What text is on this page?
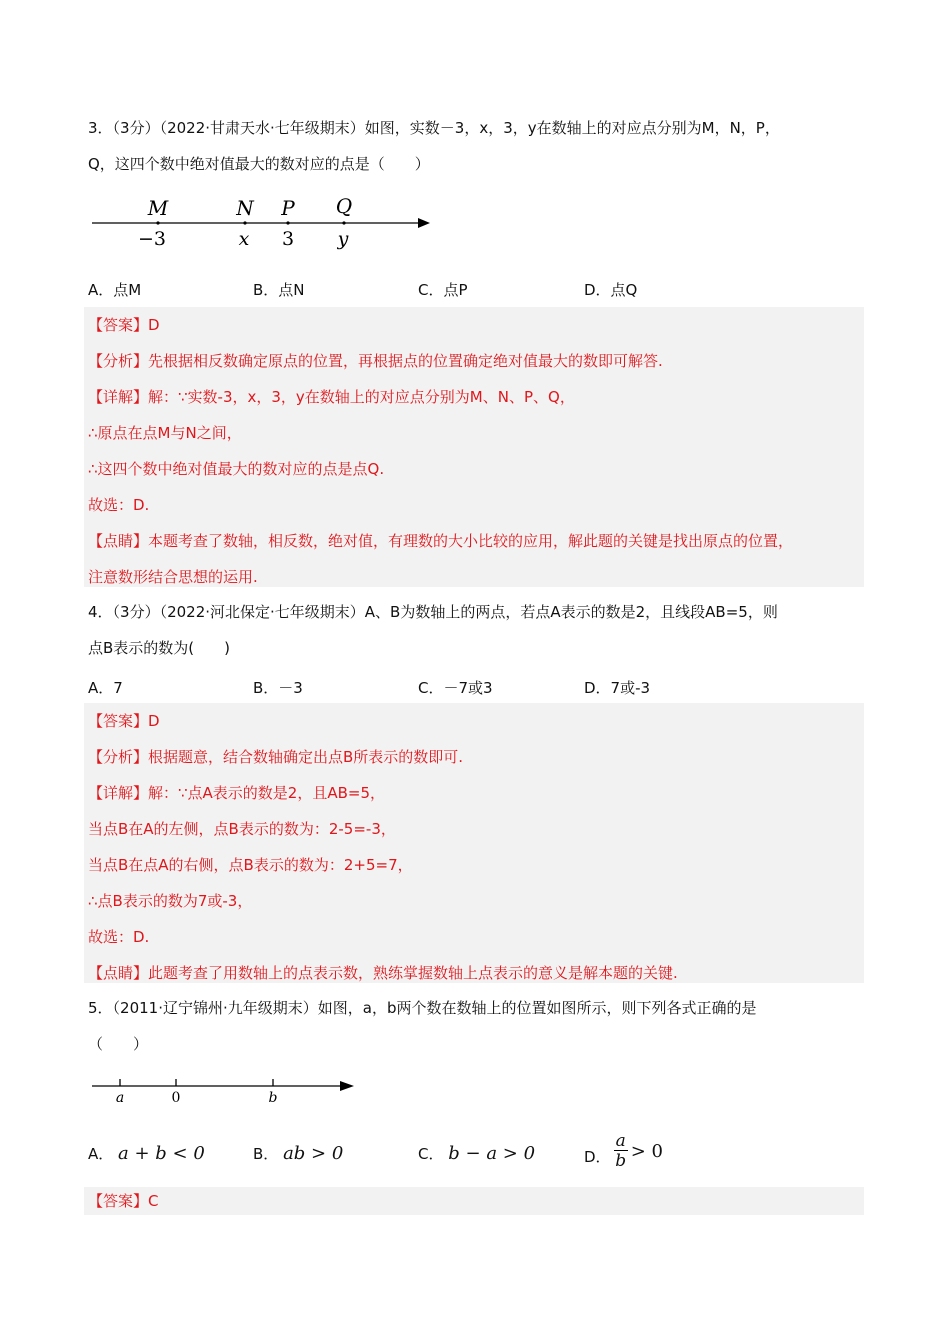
3．（3分）（2022·甘肃天水·七年级期末）如图，实数－3，x，3，y在数轴上的对应点分别为M，N，P，
Q，这四个数中绝对值最大的数对应的点是（　　）
M	N P Q
−3	x 3 y
A．点M	B．点N	C．点P	D．点Q
【答案】D
【分析】先根据相反数确定原点的位置，再根据点的位置确定绝对值最大的数即可解答.
【详解】解：∵实数-3，x，3，y在数轴上的对应点分别为M、N、P、Q，
∴原点在点M与N之间，
∴这四个数中绝对值最大的数对应的点是点Q.
故选：D.
【点睛】本题考查了数轴，相反数，绝对值，有理数的大小比较的应用，解此题的关键是找出原点的位置，
注意数形结合思想的运用.
4．（3分）（2022·河北保定·七年级期末）A、B为数轴上的两点，若点A表示的数是2，且线段AB=5，则
点B表示的数为(　　)
A．7	B．－3	C．－7或3	D．7或-3
【答案】D
【分析】根据题意，结合数轴确定出点B所表示的数即可.
【详解】解：∵点A表示的数是2，且AB=5，
当点B在A的左侧，点B表示的数为：2-5=-3，
当点B在点A的右侧，点B表示的数为：2+5=7，
∴点B表示的数为7或-3，
故选：D.
【点睛】此题考查了用数轴上的点表示数，熟练掌握数轴上点表示的意义是解本题的关键.
5．（2011·辽宁锦州·九年级期末）如图，a，b两个数在数轴上的位置如图所示，则下列各式正确的是
（　　）
a	0	b
A． a + b < 0	B． ab > 0	C． b − a > 0	D． $\frac{a}{b} > 0$
【答案】C
